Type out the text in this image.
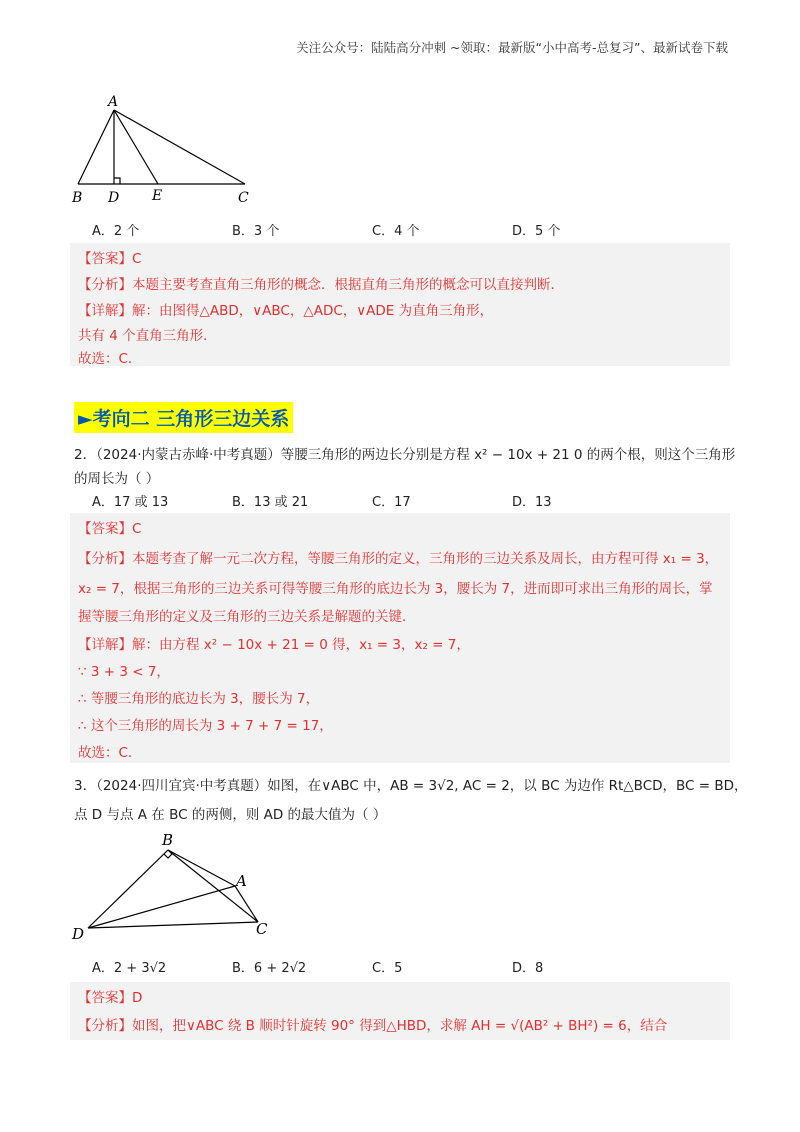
关注公众号：陆陆高分冲刺 ~领取：最新版“小中高考-总复习”、最新试卷下载
A
B D E	C
A．2 个	B．3 个	C．4 个	D．5 个
【答案】C
【分析】本题主要考查直角三角形的概念．根据直角三角形的概念可以直接判断．
【详解】解：由图得△ABD，∨ABC，△ADC，∨ADE 为直角三角形，
共有 4 个直角三角形．
故选：C．
►考向二 三角形三边关系
2．（2024·内蒙古赤峰·中考真题）等腰三角形的两边长分别是方程 x² − 10x + 21 0 的两个根，则这个三角形
的周长为（ ）
A．17 或 13	B．13 或 21	C．17	D．13
【答案】C
【分析】本题考查了解一元二次方程，等腰三角形的定义，三角形的三边关系及周长，由方程可得 x₁ = 3，
x₂ = 7，根据三角形的三边关系可得等腰三角形的底边长为 3，腰长为 7，进而即可求出三角形的周长，掌
握等腰三角形的定义及三角形的三边关系是解题的关键．
【详解】解：由方程 x² − 10x + 21 = 0 得，x₁ = 3，x₂ = 7，
∵ 3 + 3 < 7，
∴ 等腰三角形的底边长为 3，腰长为 7，
∴ 这个三角形的周长为 3 + 7 + 7 = 17，
故选：C．
3．（2024·四川宜宾·中考真题）如图，在∨ABC 中，AB = 3√2, AC = 2，以 BC 为边作 Rt△BCD，BC = BD，
点 D 与点 A 在 BC 的两侧，则 AD 的最大值为（ ）
B
A
D	C
A．2 + 3√2	B．6 + 2√2	C．5	D．8
【答案】D
【分析】如图，把∨ABC 绕 B 顺时针旋转 90° 得到△HBD，求解 AH = √(AB² + BH²) = 6，结合
